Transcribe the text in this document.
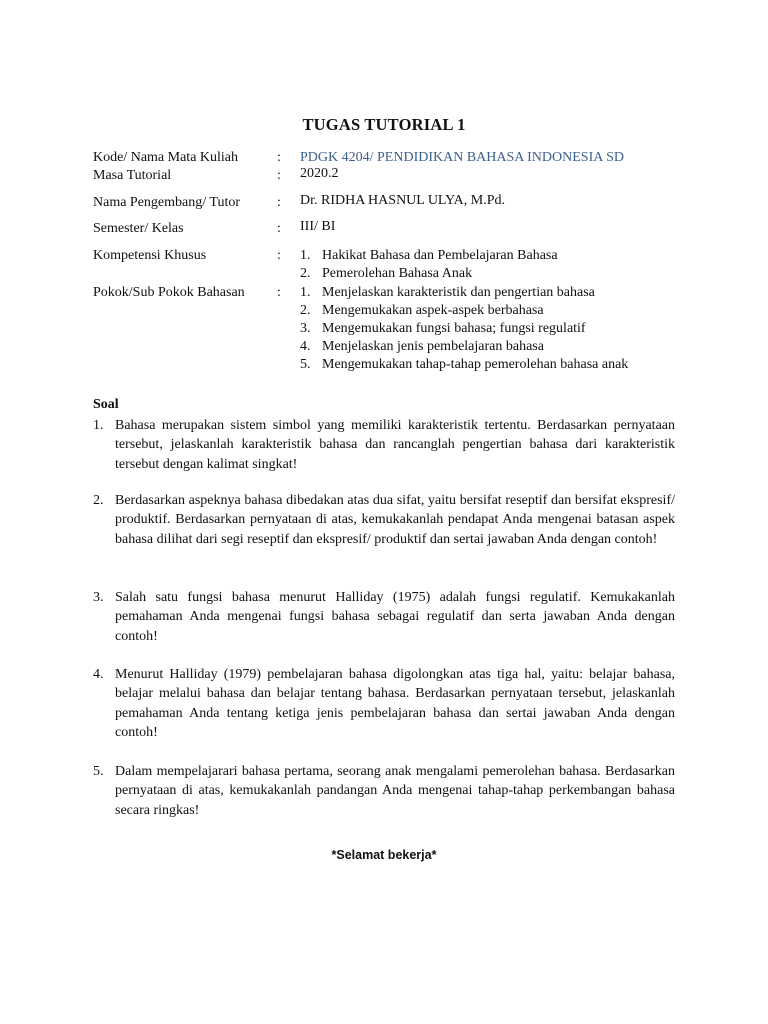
TUGAS TUTORIAL 1
Kode/ Nama Mata Kuliah	: PDGK 4204/ PENDIDIKAN BAHASA INDONESIA SD
Masa Tutorial	: 2020.2
Nama Pengembang/ Tutor	: Dr. RIDHA HASNUL ULYA, M.Pd.
Semester/ Kelas	: III/ BI
Kompetensi Khusus	: 1. Hakikat Bahasa dan Pembelajaran Bahasa
2. Pemerolehan Bahasa Anak
Pokok/Sub Pokok Bahasan : 1. Menjelaskan karakteristik dan pengertian bahasa
2. Mengemukakan aspek-aspek berbahasa
3. Mengemukakan fungsi bahasa; fungsi regulatif
4. Menjelaskan jenis pembelajaran bahasa
5. Mengemukakan tahap-tahap pemerolehan bahasa anak
Soal
1. Bahasa merupakan sistem simbol yang memiliki karakteristik tertentu. Berdasarkan pernyataan tersebut, jelaskanlah karakteristik bahasa dan rancanglah pengertian bahasa dari karakteristik tersebut dengan kalimat singkat!
2. Berdasarkan aspeknya bahasa dibedakan atas dua sifat, yaitu bersifat reseptif dan bersifat ekspresif/ produktif. Berdasarkan pernyataan di atas, kemukakanlah pendapat Anda mengenai batasan aspek bahasa dilihat dari segi reseptif dan ekspresif/ produktif dan sertai jawaban Anda dengan contoh!
3. Salah satu fungsi bahasa menurut Halliday (1975) adalah fungsi regulatif. Kemukakanlah pemahaman Anda mengenai fungsi bahasa sebagai regulatif dan serta jawaban Anda dengan contoh!
4. Menurut Halliday (1979) pembelajaran bahasa digolongkan atas tiga hal, yaitu: belajar bahasa, belajar melalui bahasa dan belajar tentang bahasa. Berdasarkan pernyataan tersebut, jelaskanlah pemahaman Anda tentang ketiga jenis pembelajaran bahasa dan sertai jawaban Anda dengan contoh!
5. Dalam mempelajarari bahasa pertama, seorang anak mengalami pemerolehan bahasa. Berdasarkan pernyataan di atas, kemukakanlah pandangan Anda mengenai tahap-tahap perkembangan bahasa secara ringkas!
*Selamat bekerja*
